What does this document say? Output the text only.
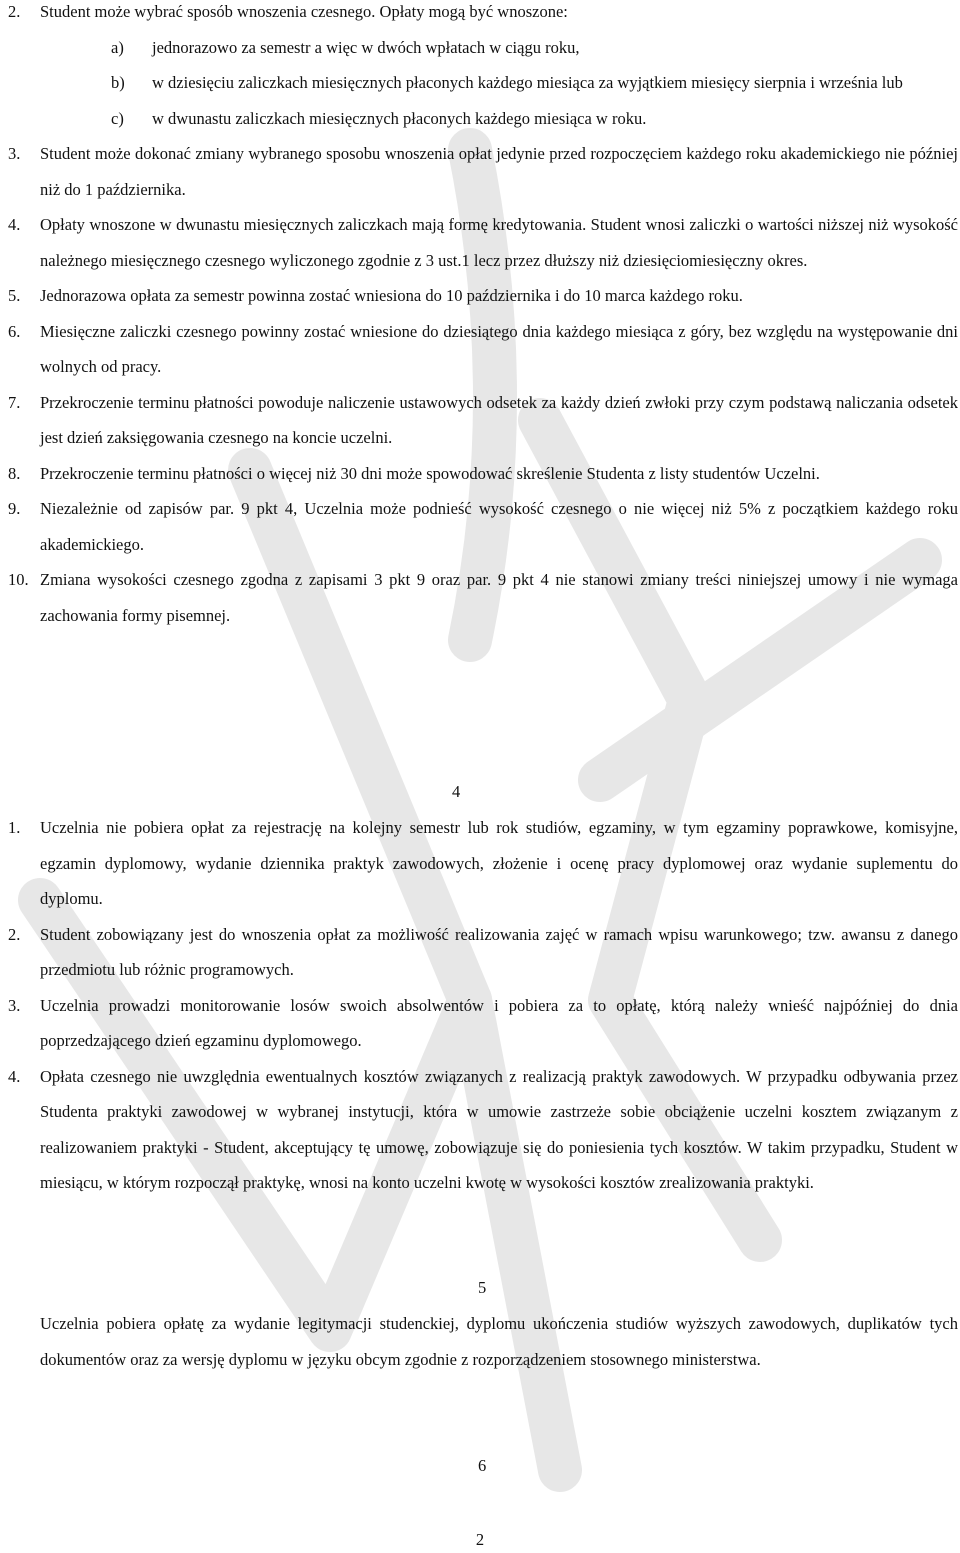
2. Student może wybrać sposób wnoszenia czesnego. Opłaty mogą być wnoszone:
a) jednorazowo za semestr a więc w dwóch wpłatach w ciągu roku,
b) w dziesięciu zaliczkach miesięcznych płaconych każdego miesiąca za wyjątkiem miesięcy sierpnia i września lub
c) w dwunastu zaliczkach miesięcznych płaconych każdego miesiąca w roku.
3. Student może dokonać zmiany wybranego sposobu wnoszenia opłat jedynie przed rozpoczęciem każdego roku akademickiego nie później niż do 1 października.
4. Opłaty wnoszone w dwunastu miesięcznych zaliczkach mają formę kredytowania. Student wnosi zaliczki o wartości niższej niż wysokość należnego miesięcznego czesnego wyliczonego zgodnie z 3 ust.1 lecz przez dłuższy niż dziesięciomiesięczny okres.
5. Jednorazowa opłata za semestr powinna zostać wniesiona do 10 października i do 10 marca każdego roku.
6. Miesięczne zaliczki czesnego powinny zostać wniesione do dziesiątego dnia każdego miesiąca z góry, bez względu na występowanie dni wolnych od pracy.
7. Przekroczenie terminu płatności powoduje naliczenie ustawowych odsetek za każdy dzień zwłoki przy czym podstawą naliczania odsetek jest dzień zaksięgowania czesnego na koncie uczelni.
8. Przekroczenie terminu płatności o więcej niż 30 dni może spowodować skreślenie Studenta z listy studentów Uczelni.
9. Niezależnie od zapisów par. 9 pkt 4, Uczelnia może podnieść wysokość czesnego o nie więcej niż 5% z początkiem każdego roku akademickiego.
10. Zmiana wysokości czesnego zgodna z zapisami 3 pkt 9 oraz par. 9 pkt 4 nie stanowi zmiany treści niniejszej umowy i nie wymaga zachowania formy pisemnej.
4
1. Uczelnia nie pobiera opłat za rejestrację na kolejny semestr lub rok studiów, egzaminy, w tym egzaminy poprawkowe, komisyjne, egzamin dyplomowy, wydanie dziennika praktyk zawodowych, złożenie i ocenę pracy dyplomowej oraz wydanie suplementu do dyplomu.
2. Student zobowiązany jest do wnoszenia opłat za możliwość realizowania zajęć w ramach wpisu warunkowego; tzw. awansu z danego przedmiotu lub różnic programowych.
3. Uczelnia prowadzi monitorowanie losów swoich absolwentów i pobiera za to opłatę, którą należy wnieść najpóźniej do dnia poprzedzającego dzień egzaminu dyplomowego.
4. Opłata czesnego nie uwzględnia ewentualnych kosztów związanych z realizacją praktyk zawodowych. W przypadku odbywania przez Studenta praktyki zawodowej w wybranej instytucji, która w umowie zastrzeże sobie obciążenie uczelni kosztem związanym z realizowaniem praktyki - Student, akceptujący tę umowę, zobowiązuje się do poniesienia tych kosztów. W takim przypadku, Student w miesiącu, w którym rozpoczął praktykę, wnosi na konto uczelni kwotę w wysokości kosztów zrealizowania praktyki.
5
Uczelnia pobiera opłatę za wydanie legitymacji studenckiej, dyplomu ukończenia studiów wyższych zawodowych, duplikatów tych dokumentów oraz za wersję dyplomu w języku obcym zgodnie z rozporządzeniem stosownego ministerstwa.
6
2
